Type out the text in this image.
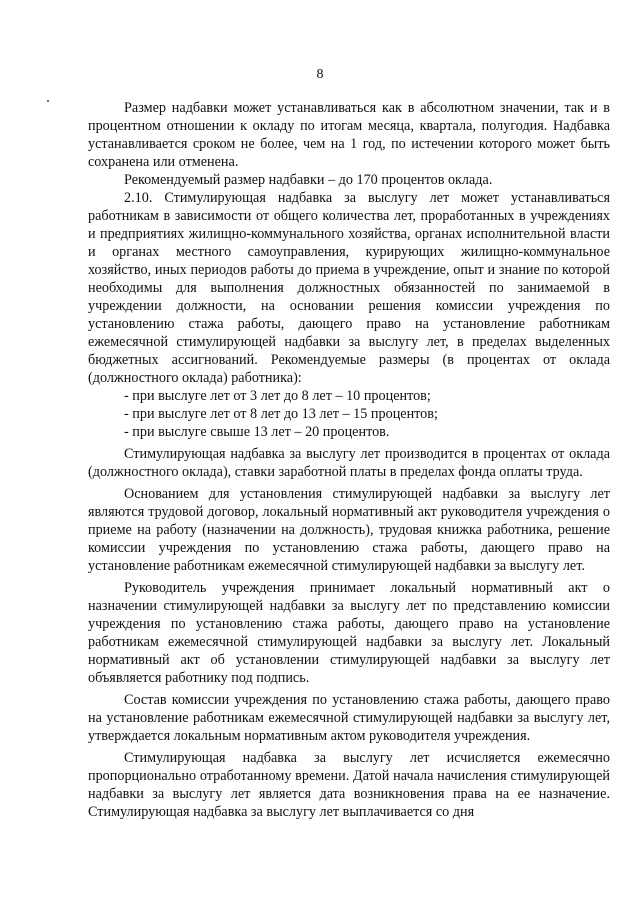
8

Размер надбавки может устанавливаться как в абсолютном значении, так и в процентном отношении к окладу по итогам месяца, квартала, полугодия. Надбавка устанавливается сроком не более, чем на 1 год, по истечении которого может быть сохранена или отменена.

Рекомендуемый размер надбавки – до 170 процентов оклада.

2.10. Стимулирующая надбавка за выслугу лет может устанавливаться работникам в зависимости от общего количества лет, проработанных в учреждениях и предприятиях жилищно-коммунального хозяйства, органах исполнительной власти и органах местного самоуправления, курирующих жилищно-коммунальное хозяйство, иных периодов работы до приема в учреждение, опыт и знание по которой необходимы для выполнения должностных обязанностей по занимаемой в учреждении должности, на основании решения комиссии учреждения по установлению стажа работы, дающего право на установление работникам ежемесячной стимулирующей надбавки за выслугу лет, в пределах выделенных бюджетных ассигнований. Рекомендуемые размеры (в процентах от оклада (должностного оклада) работника):

- при выслуге лет от 3 лет до 8 лет – 10 процентов;

- при выслуге лет от 8 лет до 13 лет – 15 процентов;

- при выслуге свыше 13 лет – 20 процентов.

Стимулирующая надбавка за выслугу лет производится в процентах от оклада (должностного оклада), ставки заработной платы в пределах фонда оплаты труда.

Основанием для установления стимулирующей надбавки за выслугу лет являются трудовой договор, локальный нормативный акт руководителя учреждения о приеме на работу (назначении на должность), трудовая книжка работника, решение комиссии учреждения по установлению стажа работы, дающего право на установление работникам ежемесячной стимулирующей надбавки за выслугу лет.

Руководитель учреждения принимает локальный нормативный акт о назначении стимулирующей надбавки за выслугу лет по представлению комиссии учреждения по установлению стажа работы, дающего право на установление работникам ежемесячной стимулирующей надбавки за выслугу лет. Локальный нормативный акт об установлении стимулирующей надбавки за выслугу лет объявляется работнику под подпись.

Состав комиссии учреждения по установлению стажа работы, дающего право на установление работникам ежемесячной стимулирующей надбавки за выслугу лет, утверждается локальным нормативным актом руководителя учреждения.

Стимулирующая надбавка за выслугу лет исчисляется ежемесячно пропорционально отработанному времени. Датой начала начисления стимулирующей надбавки за выслугу лет является дата возникновения права на ее назначение. Стимулирующая надбавка за выслугу лет выплачивается со дня
